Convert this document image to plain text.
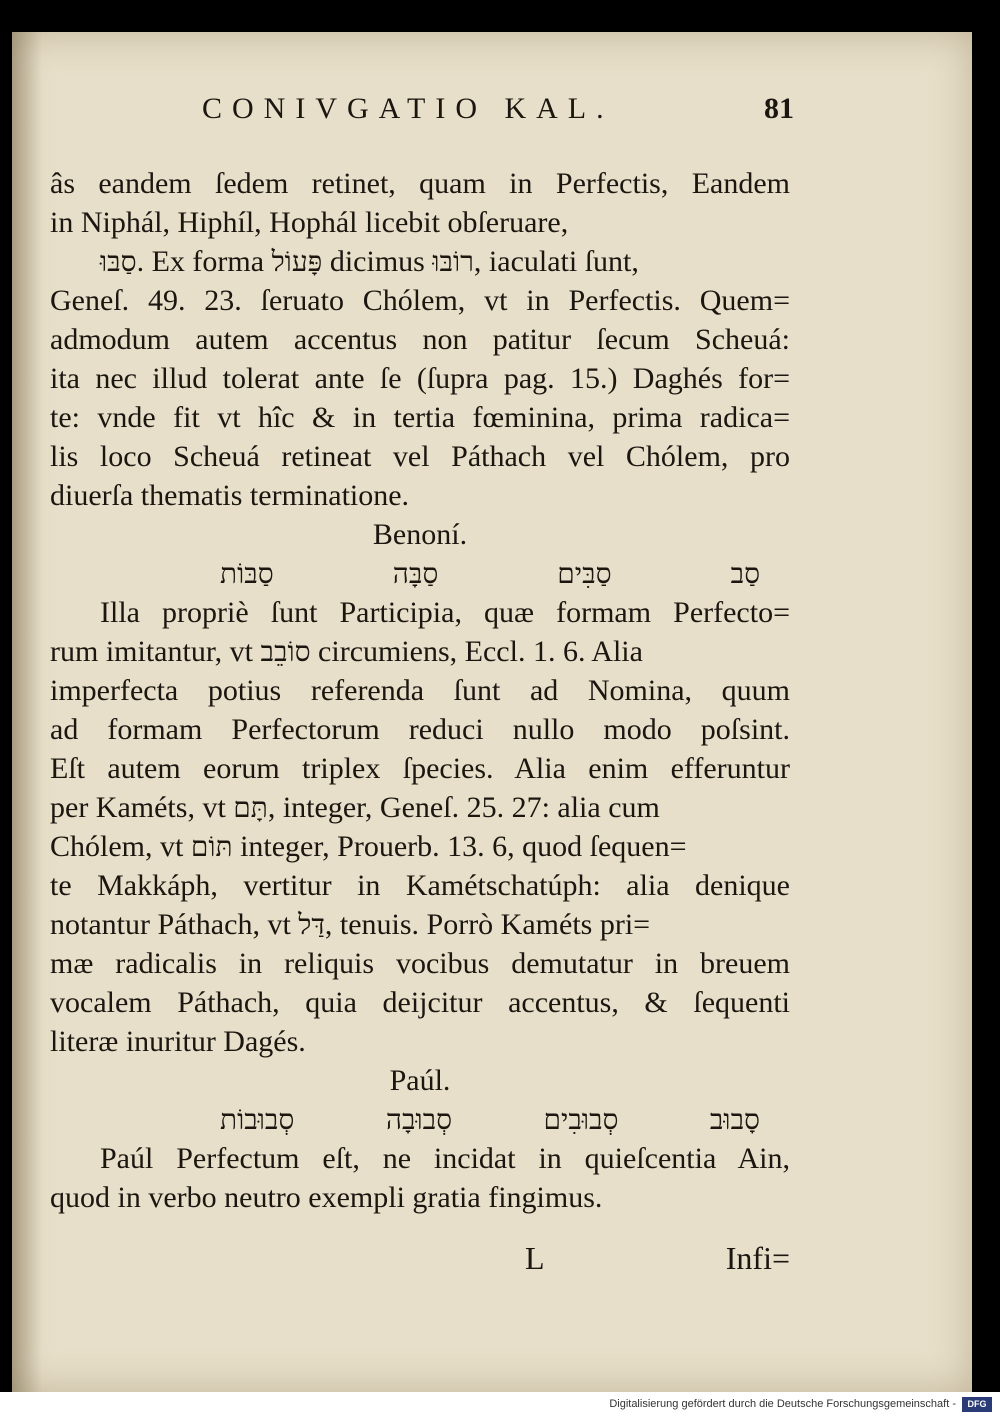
CONIVGATIO KAL.	81
âs eandem ſedem retinet, quam in Perfectis, Eandem
in Niphál, Hiphíl, Hophál licebit obſeruare,
סַבּוּ. Ex forma פָּעוֹל dicimus רוֹבּוּ, iaculati ſunt,
Geneſ. 49. 23. ſeruato Chólem, vt in Perfectis. Quem=
admodum autem accentus non patitur ſecum Scheuá:
ita nec illud tolerat ante ſe (ſupra pag. 15.) Daghés for=
te: vnde fit vt hîc & in tertia fœminina, prima radica=
lis loco Scheuá retineat vel Páthach vel Chólem, pro
diuerſa thematis terminatione.
Benoní.
סַב
סַבִּים
סַבָּה
סַבּוֹת
Illa propriè ſunt Participia, quæ formam Perfecto=
rum imitantur, vt סוֹבֵב circumiens, Eccl. 1. 6. Alia
imperfecta potius referenda ſunt ad Nomina, quum
ad formam Perfectorum reduci nullo modo poſsint.
Eſt autem eorum triplex ſpecies. Alia enim efferuntur
per Kaméts, vt תָּם, integer, Geneſ. 25. 27: alia cum
Chólem, vt תּוֹם integer, Prouerb. 13. 6, quod ſequen=
te Makkáph, vertitur in Kamétschatúph: alia denique
notantur Páthach, vt דַּל, tenuis. Porrò Kaméts pri=
mæ radicalis in reliquis vocibus demutatur in breuem
vocalem Páthach, quia deijcitur accentus, & ſequenti
literæ inuritur Dagés.
Paúl.
סָבוּב
סְבוּבִים
סְבוּבָה
סְבוּבוֹת
Paúl Perfectum eſt, ne incidat in quieſcentia Ain,
quod in verbo neutro exempli gratia fingimus.
L	Infi=
Digitalisierung gefördert durch die Deutsche Forschungsgemeinschaft -	DFG
